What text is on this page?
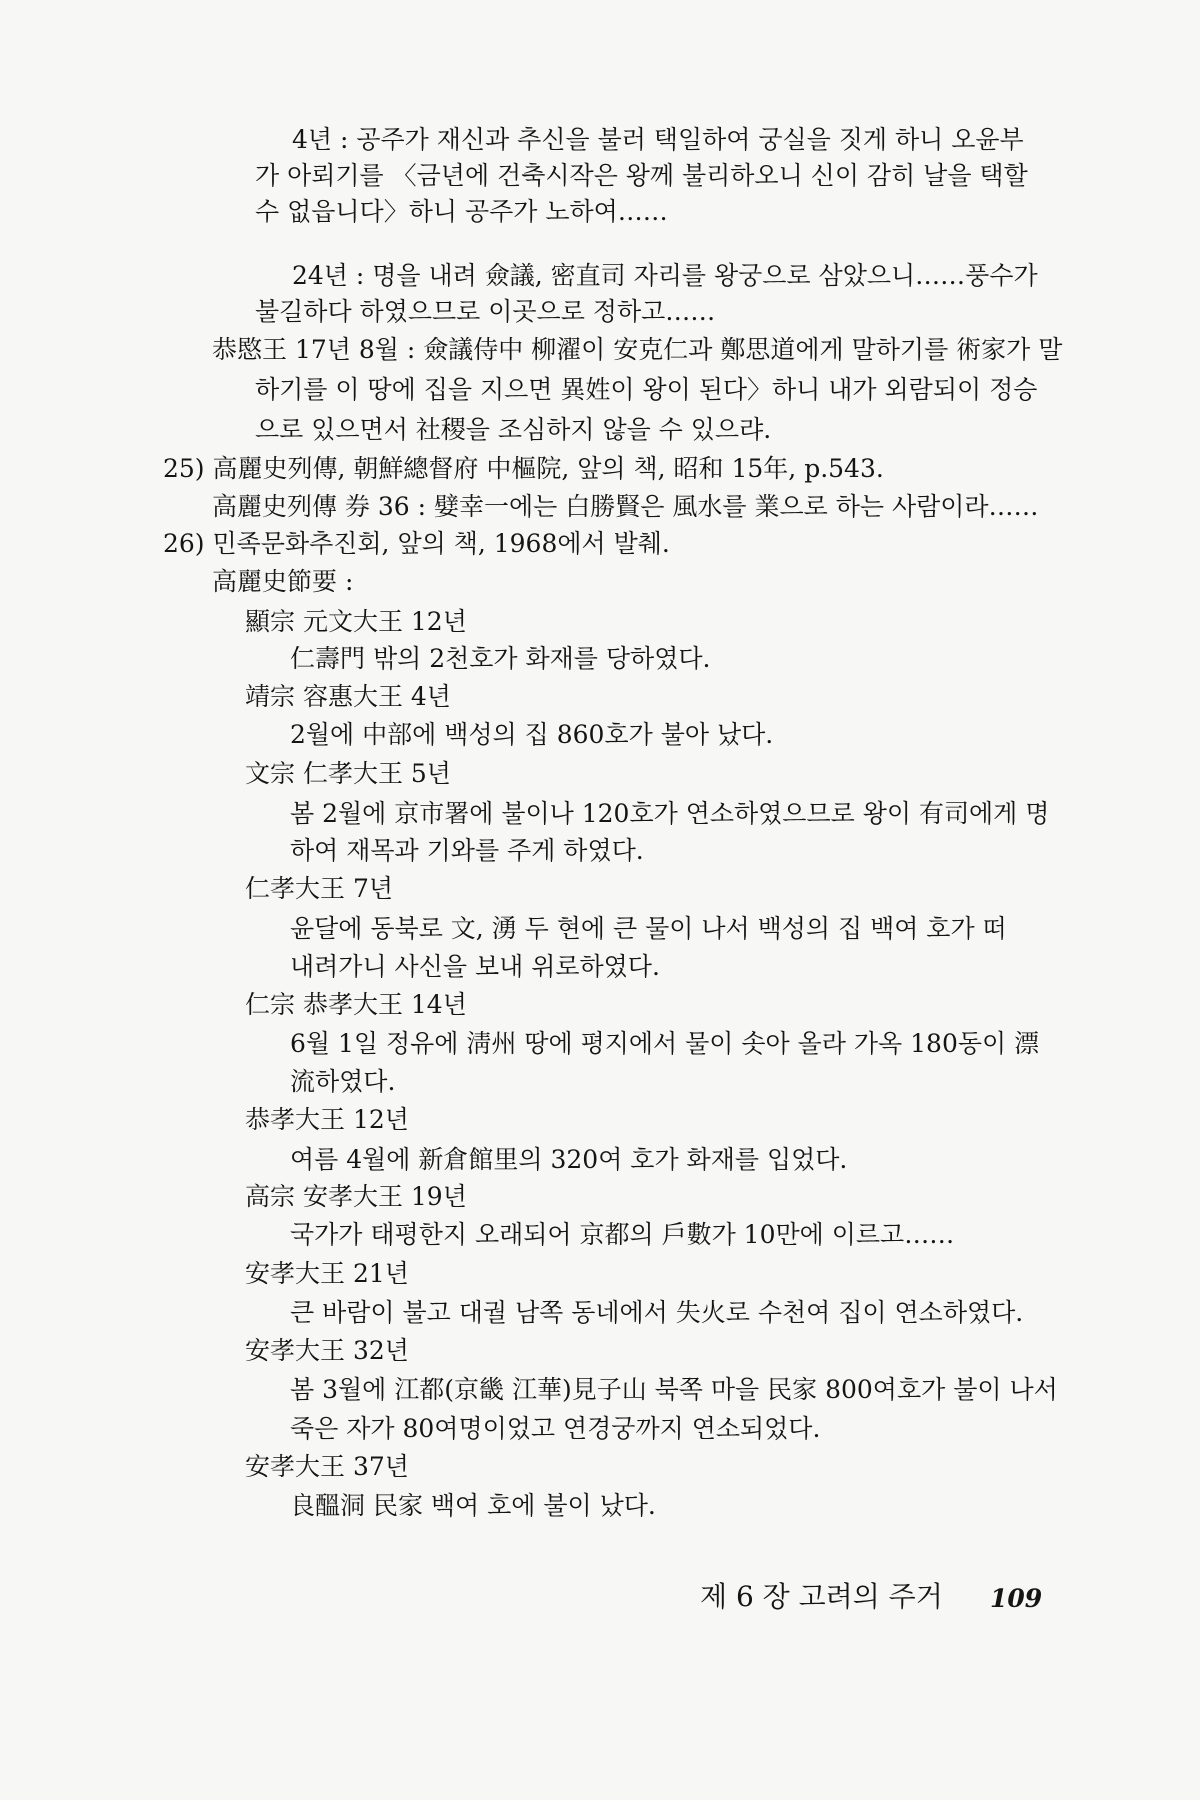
4년 : 공주가 재신과 추신을 불러 택일하여 궁실을 짓게 하니 오윤부
가 아뢰기를 〈금년에 건축시작은 왕께 불리하오니 신이 감히 날을 택할
수 없읍니다〉하니 공주가 노하여……
24년 : 명을 내려 僉議, 密直司 자리를 왕궁으로 삼았으니……풍수가
불길하다 하였으므로 이곳으로 정하고……
恭愍王 17년 8월 : 僉議侍中 柳濯이 安克仁과 鄭思道에게 말하기를 術家가 말
하기를 이 땅에 집을 지으면 異姓이 왕이 된다〉하니 내가 외람되이 정승
으로 있으면서 社稷을 조심하지 않을 수 있으랴.
25) 高麗史列傳, 朝鮮總督府 中樞院, 앞의 책, 昭和 15年, p.543.
高麗史列傳 券 36 : 嬖幸一에는 白勝賢은 風水를 業으로 하는 사람이라……
26) 민족문화추진회, 앞의 책, 1968에서 발췌.
高麗史節要 :
顯宗 元文大王 12년
仁壽門 밖의 2천호가 화재를 당하였다.
靖宗 容惠大王 4년
2월에 中部에 백성의 집 860호가 불아 났다.
文宗 仁孝大王 5년
봄 2월에 京市署에 불이나 120호가 연소하였으므로 왕이 有司에게 명
하여 재목과 기와를 주게 하였다.
仁孝大王 7년
윤달에 동북로 文, 湧 두 현에 큰 물이 나서 백성의 집 백여 호가 떠
내려가니 사신을 보내 위로하였다.
仁宗 恭孝大王 14년
6월 1일 정유에 淸州 땅에 평지에서 물이 솟아 올라 가옥 180동이 漂
流하였다.
恭孝大王 12년
여름 4월에 新倉館里의 320여 호가 화재를 입었다.
高宗 安孝大王 19년
국가가 태평한지 오래되어 京都의 戶數가 10만에 이르고……
安孝大王 21년
큰 바람이 불고 대궐 남쪽 동네에서 失火로 수천여 집이 연소하였다.
安孝大王 32년
봄 3월에 江都(京畿 江華)見子山 북쪽 마을 民家 800여호가 불이 나서
죽은 자가 80여명이었고 연경궁까지 연소되었다.
安孝大王 37년
良醞洞 民家 백여 호에 불이 났다.
제 6 장 고려의 주거 109
